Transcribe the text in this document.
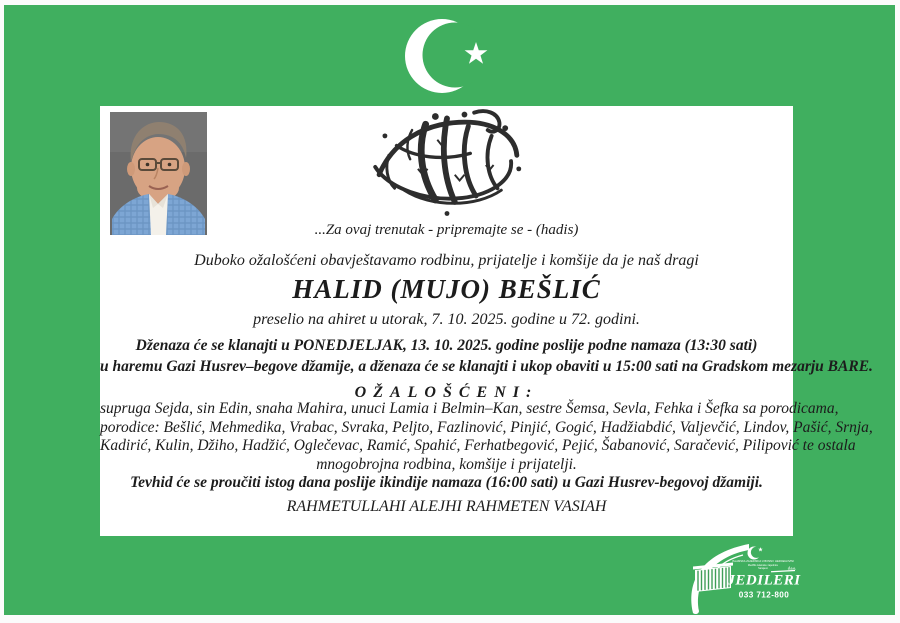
...Za ovaj trenutak - pripremajte se - (hadis)
Duboko ožalošćeni obavještavamo rodbinu, prijatelje i komšije da je naš dragi
HALID (MUJO) BEŠLIĆ
preselio na ahiret u utorak, 7. 10. 2025. godine u 72. godini.
Dženaza će se klanajti u PONEDJELJAK, 13. 10. 2025. godine poslije podne namaza (13:30 sati)
u haremu Gazi Husrev–begove džamije, a dženaza će se klanajti i ukop obaviti u 15:00 sati na Gradskom mezarju BARE.
OŽALOŠĆENI:
supruga Sejda, sin Edin, snaha Mahira, unuci Lamia i Belmin–Kan, sestre Šemsa, Sevla, Fehka i Šefka sa porodicama,
porodice: Bešlić, Mehmedika, Vrabac, Svraka, Peljto, Fazlinović, Pinjić, Gogić, Hadžiabdić, Valjevčić, Lindov, Pašić, Srnja,
Kadirić, Kulin, Džiho, Hadžić, Oglečevac, Ramić, Spahić, Ferhatbegović, Pejić, Šabanović, Saračević, Pilipović te ostala
mnogobrojna rodbina, komšije i prijatelji.
Tevhid će se proučiti istog dana poslije ikindije namaza (16:00 sati) u Gazi Husrev-begovoj džamiji.
RAHMETULLAHI ALEJHI RAHMETEN VASIAH
ISLAMSKA ZAJEDNICA U BOSNI I HERCEGOVINI
Medžlis islamske zajednice
Sarajevo	d.o.o.
JEDILERI
033 712-800
